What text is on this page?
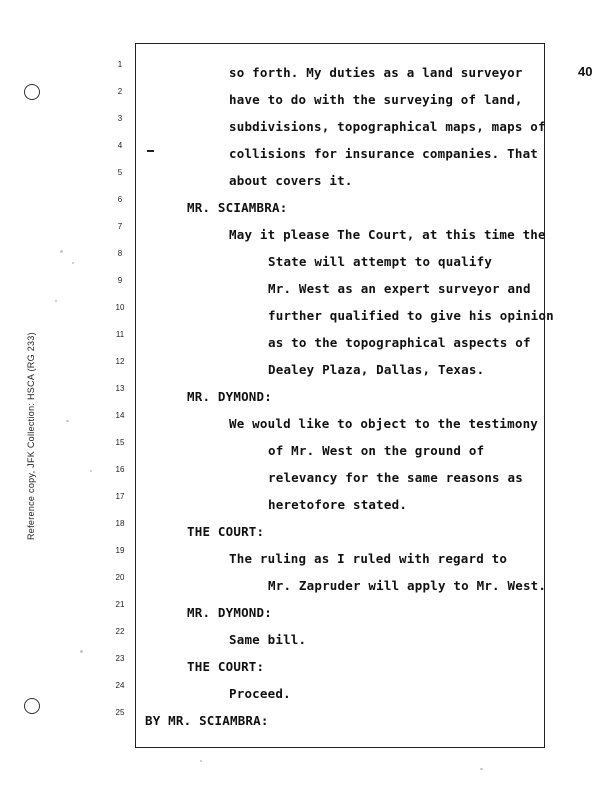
40
Reference copy, JFK Collection: HSCA (RG 233)
1
2
3
4
5
6
7
8
9
10
11
12
13
14
15
16
17
18
19
20
21
22
23
24
25
so forth. My duties as a land surveyor
have to do with the surveying of land,
subdivisions, topographical maps, maps of
collisions for insurance companies. That
about covers it.
MR. SCIAMBRA:
May it please The Court, at this time the
State will attempt to qualify
Mr. West as an expert surveyor and
further qualified to give his opinion
as to the topographical aspects of
Dealey Plaza, Dallas, Texas.
MR. DYMOND:
We would like to object to the testimony
of Mr. West on the ground of
relevancy for the same reasons as
heretofore stated.
THE COURT:
The ruling as I ruled with regard to
Mr. Zapruder will apply to Mr. West.
MR. DYMOND:
Same bill.
THE COURT:
Proceed.
BY MR. SCIAMBRA:
